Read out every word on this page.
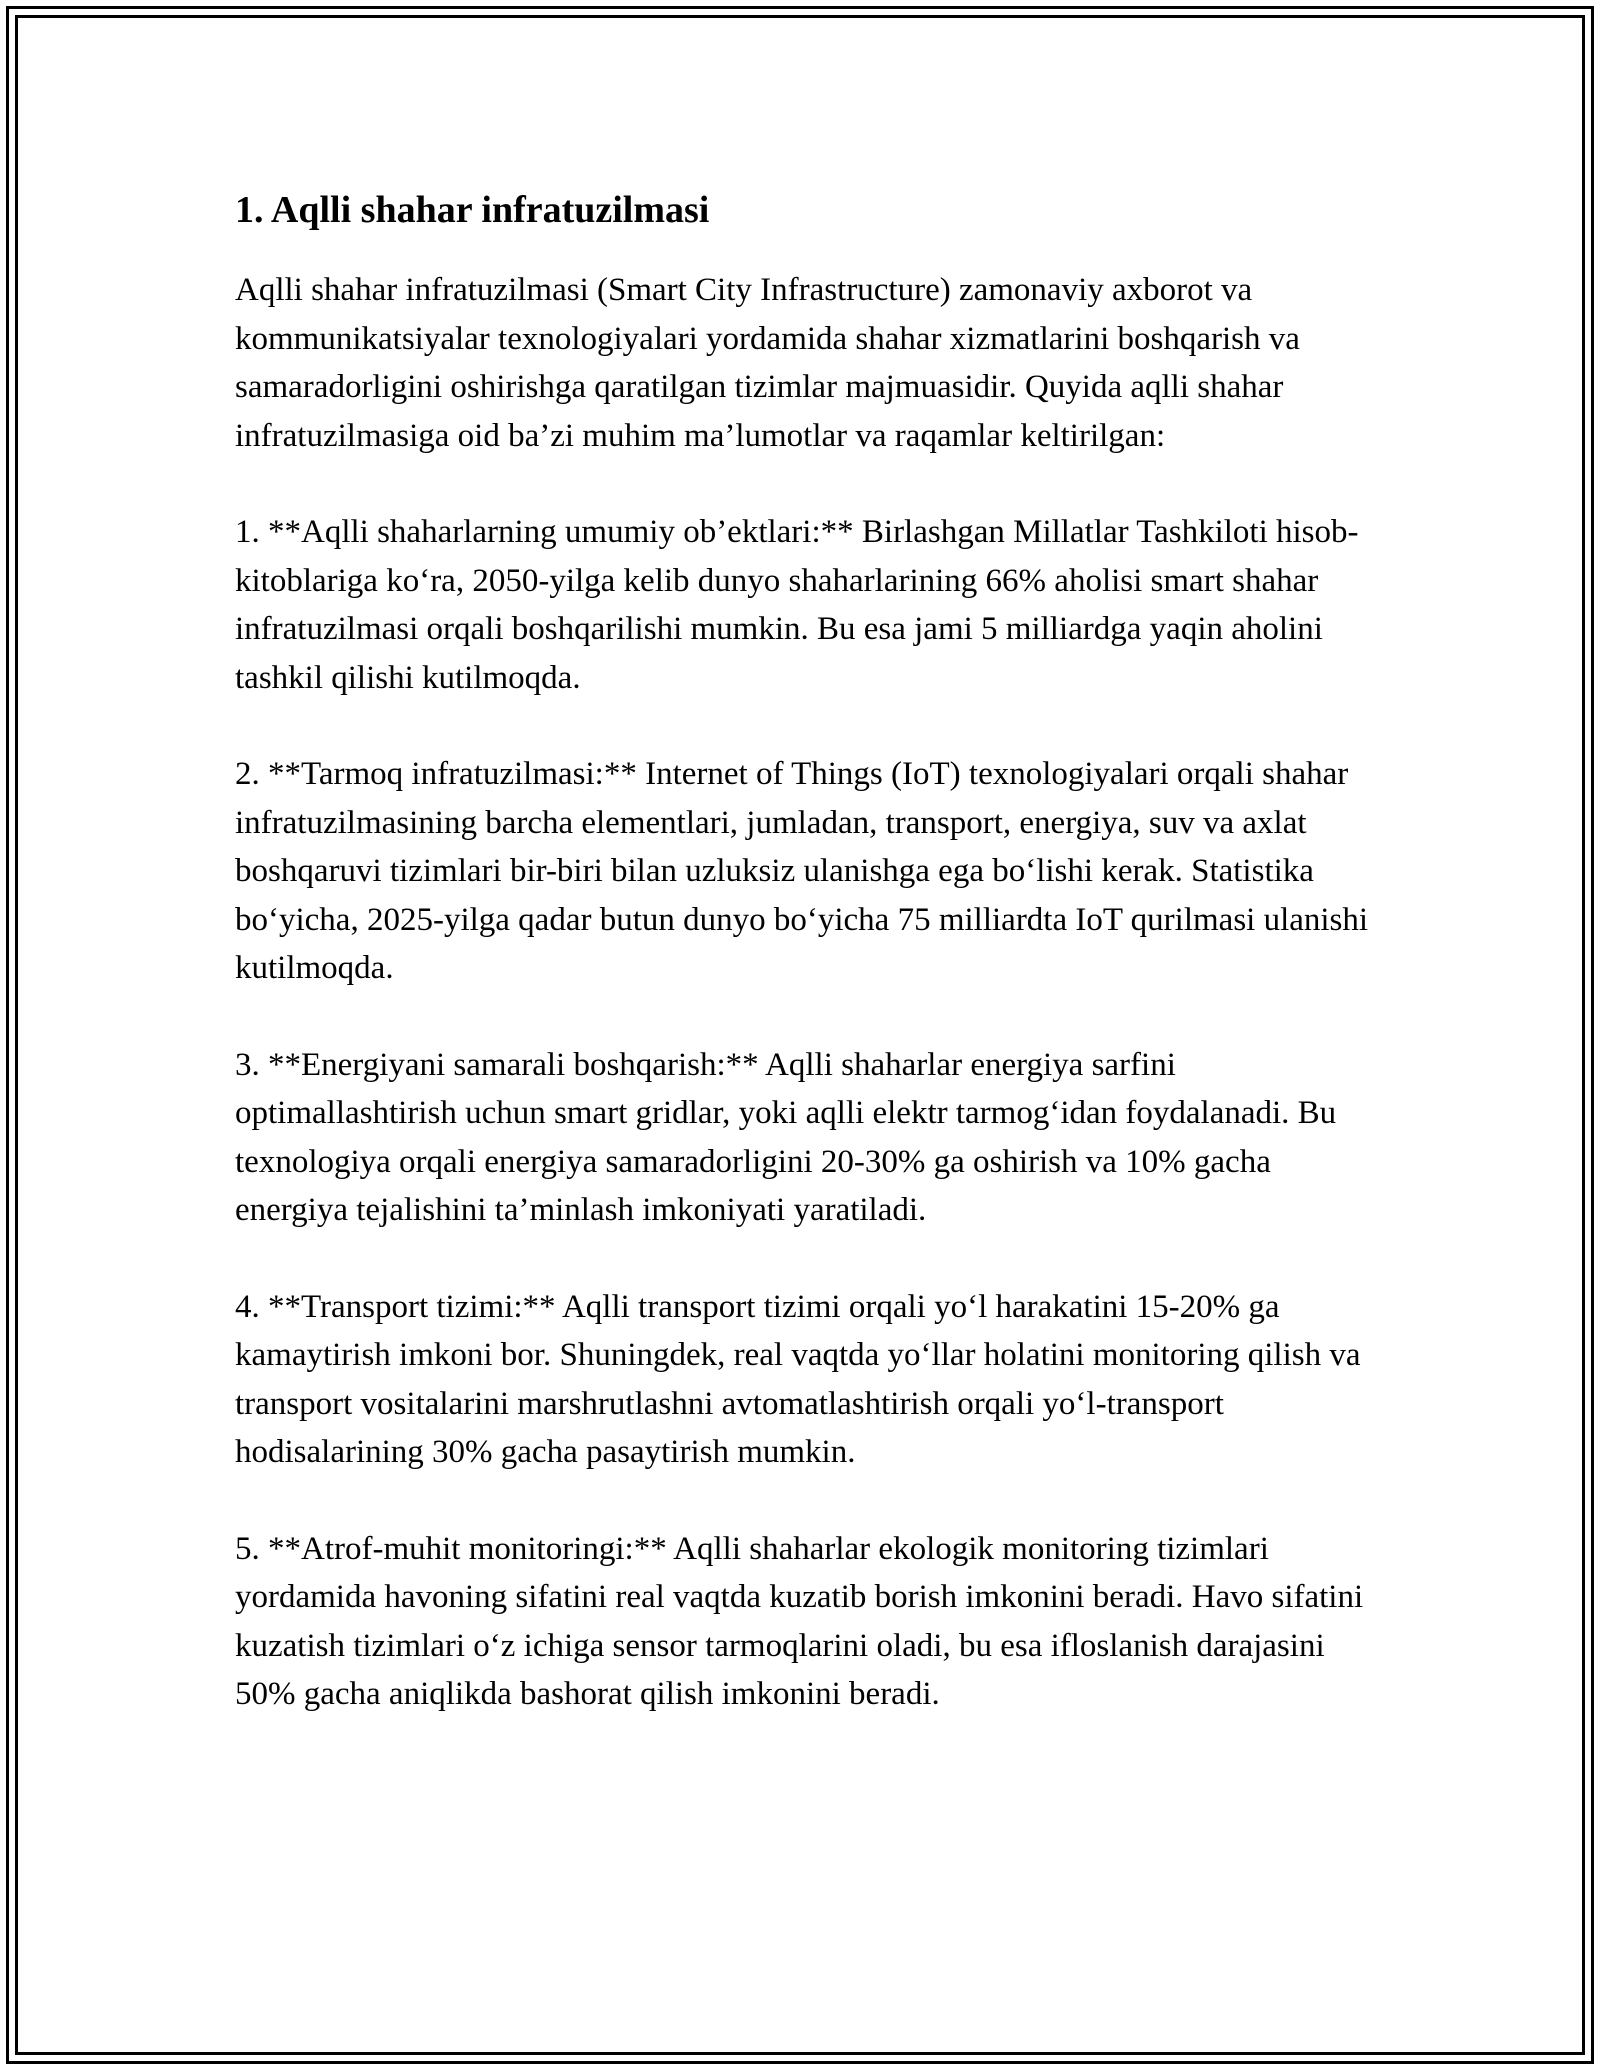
1. Aqlli shahar infratuzilmasi

Aqlli shahar infratuzilmasi (Smart City Infrastructure) zamonaviy axborot va kommunikatsiyalar texnologiyalari yordamida shahar xizmatlarini boshqarish va samaradorligini oshirishga qaratilgan tizimlar majmuasidir. Quyida aqlli shahar infratuzilmasiga oid ba’zi muhim ma’lumotlar va raqamlar keltirilgan:

1. **Aqlli shaharlarning umumiy ob’ektlari:** Birlashgan Millatlar Tashkiloti hisob-kitoblariga ko‘ra, 2050-yilga kelib dunyo shaharlarining 66% aholisi smart shahar infratuzilmasi orqali boshqarilishi mumkin. Bu esa jami 5 milliardga yaqin aholini tashkil qilishi kutilmoqda.

2. **Tarmoq infratuzilmasi:** Internet of Things (IoT) texnologiyalari orqali shahar infratuzilmasining barcha elementlari, jumladan, transport, energiya, suv va axlat boshqaruvi tizimlari bir-biri bilan uzluksiz ulanishga ega bo‘lishi kerak. Statistika bo‘yicha, 2025-yilga qadar butun dunyo bo‘yicha 75 milliardta IoT qurilmasi ulanishi kutilmoqda.

3. **Energiyani samarali boshqarish:** Aqlli shaharlar energiya sarfini optimallashtirish uchun smart gridlar, yoki aqlli elektr tarmog‘idan foydalanadi. Bu texnologiya orqali energiya samaradorligini 20-30% ga oshirish va 10% gacha energiya tejalishini ta’minlash imkoniyati yaratiladi.

4. **Transport tizimi:** Aqlli transport tizimi orqali yo‘l harakatini 15-20% ga kamaytirish imkoni bor. Shuningdek, real vaqtda yo‘llar holatini monitoring qilish va transport vositalarini marshrutlashni avtomatlashtirish orqali yo‘l-transport hodisalarining 30% gacha pasaytirish mumkin.

5. **Atrof-muhit monitoringi:** Aqlli shaharlar ekologik monitoring tizimlari yordamida havoning sifatini real vaqtda kuzatib borish imkonini beradi. Havo sifatini kuzatish tizimlari o‘z ichiga sensor tarmoqlarini oladi, bu esa ifloslanish darajasini 50% gacha aniqlikda bashorat qilish imkonini beradi.
